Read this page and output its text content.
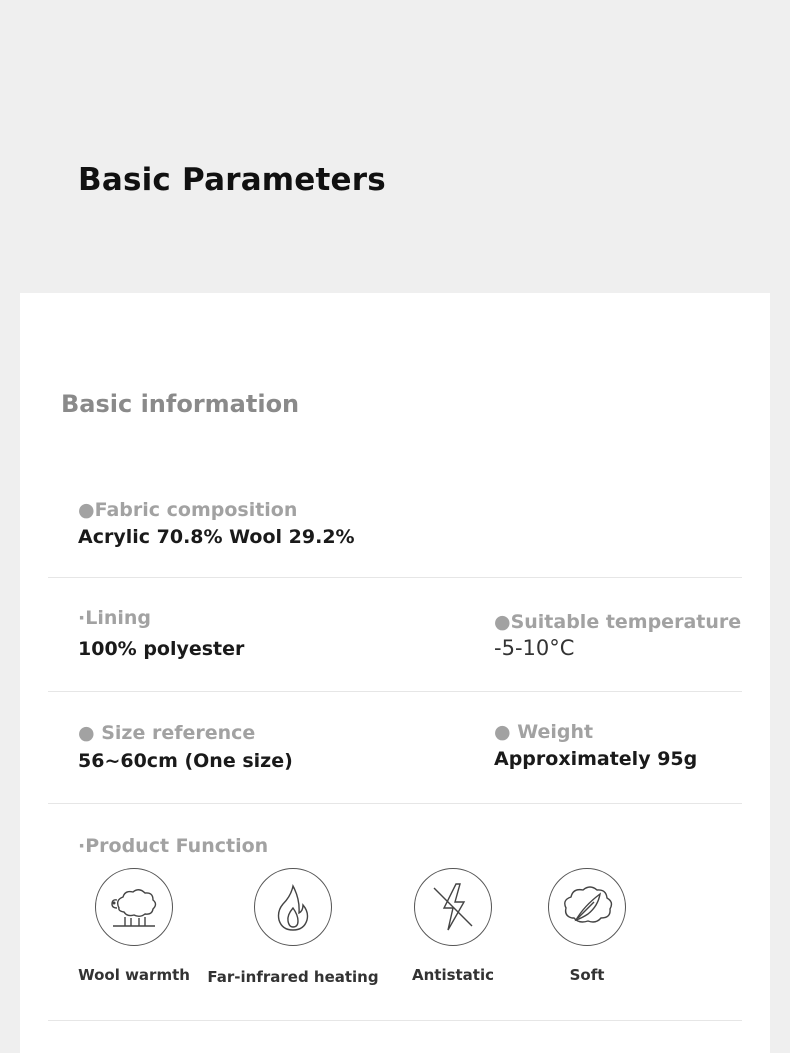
Basic Parameters
Basic information
●Fabric composition
Acrylic 70.8% Wool 29.2%
·Lining
100% polyester
●Suitable temperature
-5-10°C
● Size reference
56~60cm (One size)
● Weight
Approximately 95g
·Product Function
Wool warmth Far-infrared heating Antistatic	Soft
